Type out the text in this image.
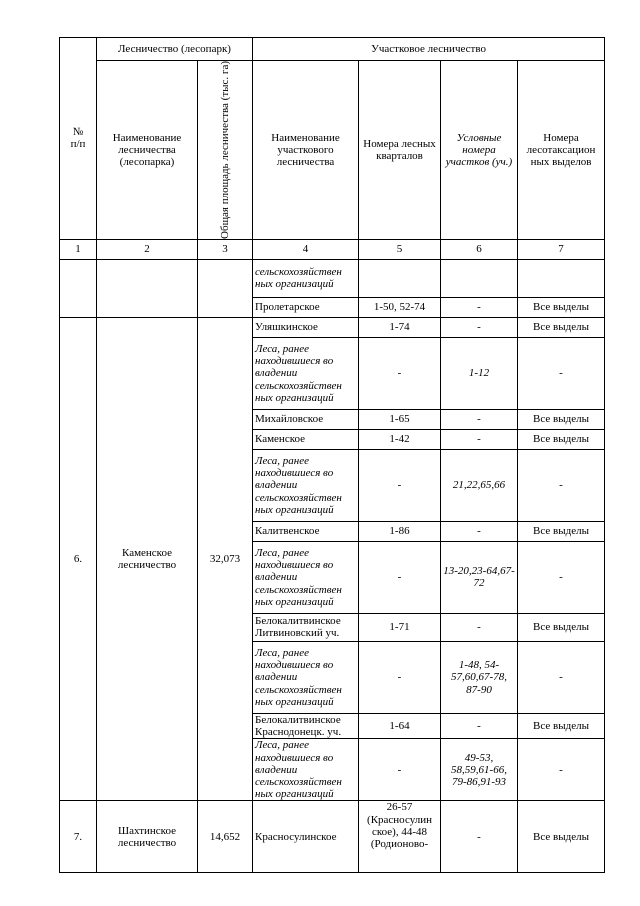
№ п/п	Лесничество (лесопарк)		Участковое лесничество			
	Наименование лесничества (лесопарка)	Общая площадь лесничества (тыс. га)	Наименование участкового лесничества	Номера лесных кварталов	Условные номера участков (уч.)	Номера лесотаксацион ных выделов
1	2	3	4	5	6	7
			сельскохозяйствен ных организаций			
			Пролетарское	1-50, 52-74	-	Все выделы
6.	Каменское лесничество	32,073	Уляшкинское	1-74	-	Все выделы
			Леса, ранее находившиеся во владении сельскохозяйствен ных организаций	-	1-12	-
			Михайловское	1-65	-	Все выделы
			Каменское	1-42	-	Все выделы
			Леса, ранее находившиеся во владении сельскохозяйствен ных организаций	-	21,22,65,66	-
			Калитвенское	1-86	-	Все выделы
			Леса, ранее находившиеся во владении сельскохозяйствен ных организаций	-	13-20,23-64,67-72	-
			Белокалитвинское Литвиновский уч.	1-71	-	Все выделы
			Леса, ранее находившиеся во владении сельскохозяйствен ных организаций	-	1-48, 54-57,60,67-78, 87-90	-
			Белокалитвинское Краснодонецк. уч.	1-64	-	Все выделы
			Леса, ранее находившиеся во владении сельскохозяйствен ных организаций	-	49-53, 58,59,61-66, 79-86,91-93	-
7.	Шахтинское лесничество	14,652	Красносулинское	26-57 (Красносулин ское), 44-48 (Родионово-	-	Все выделы
